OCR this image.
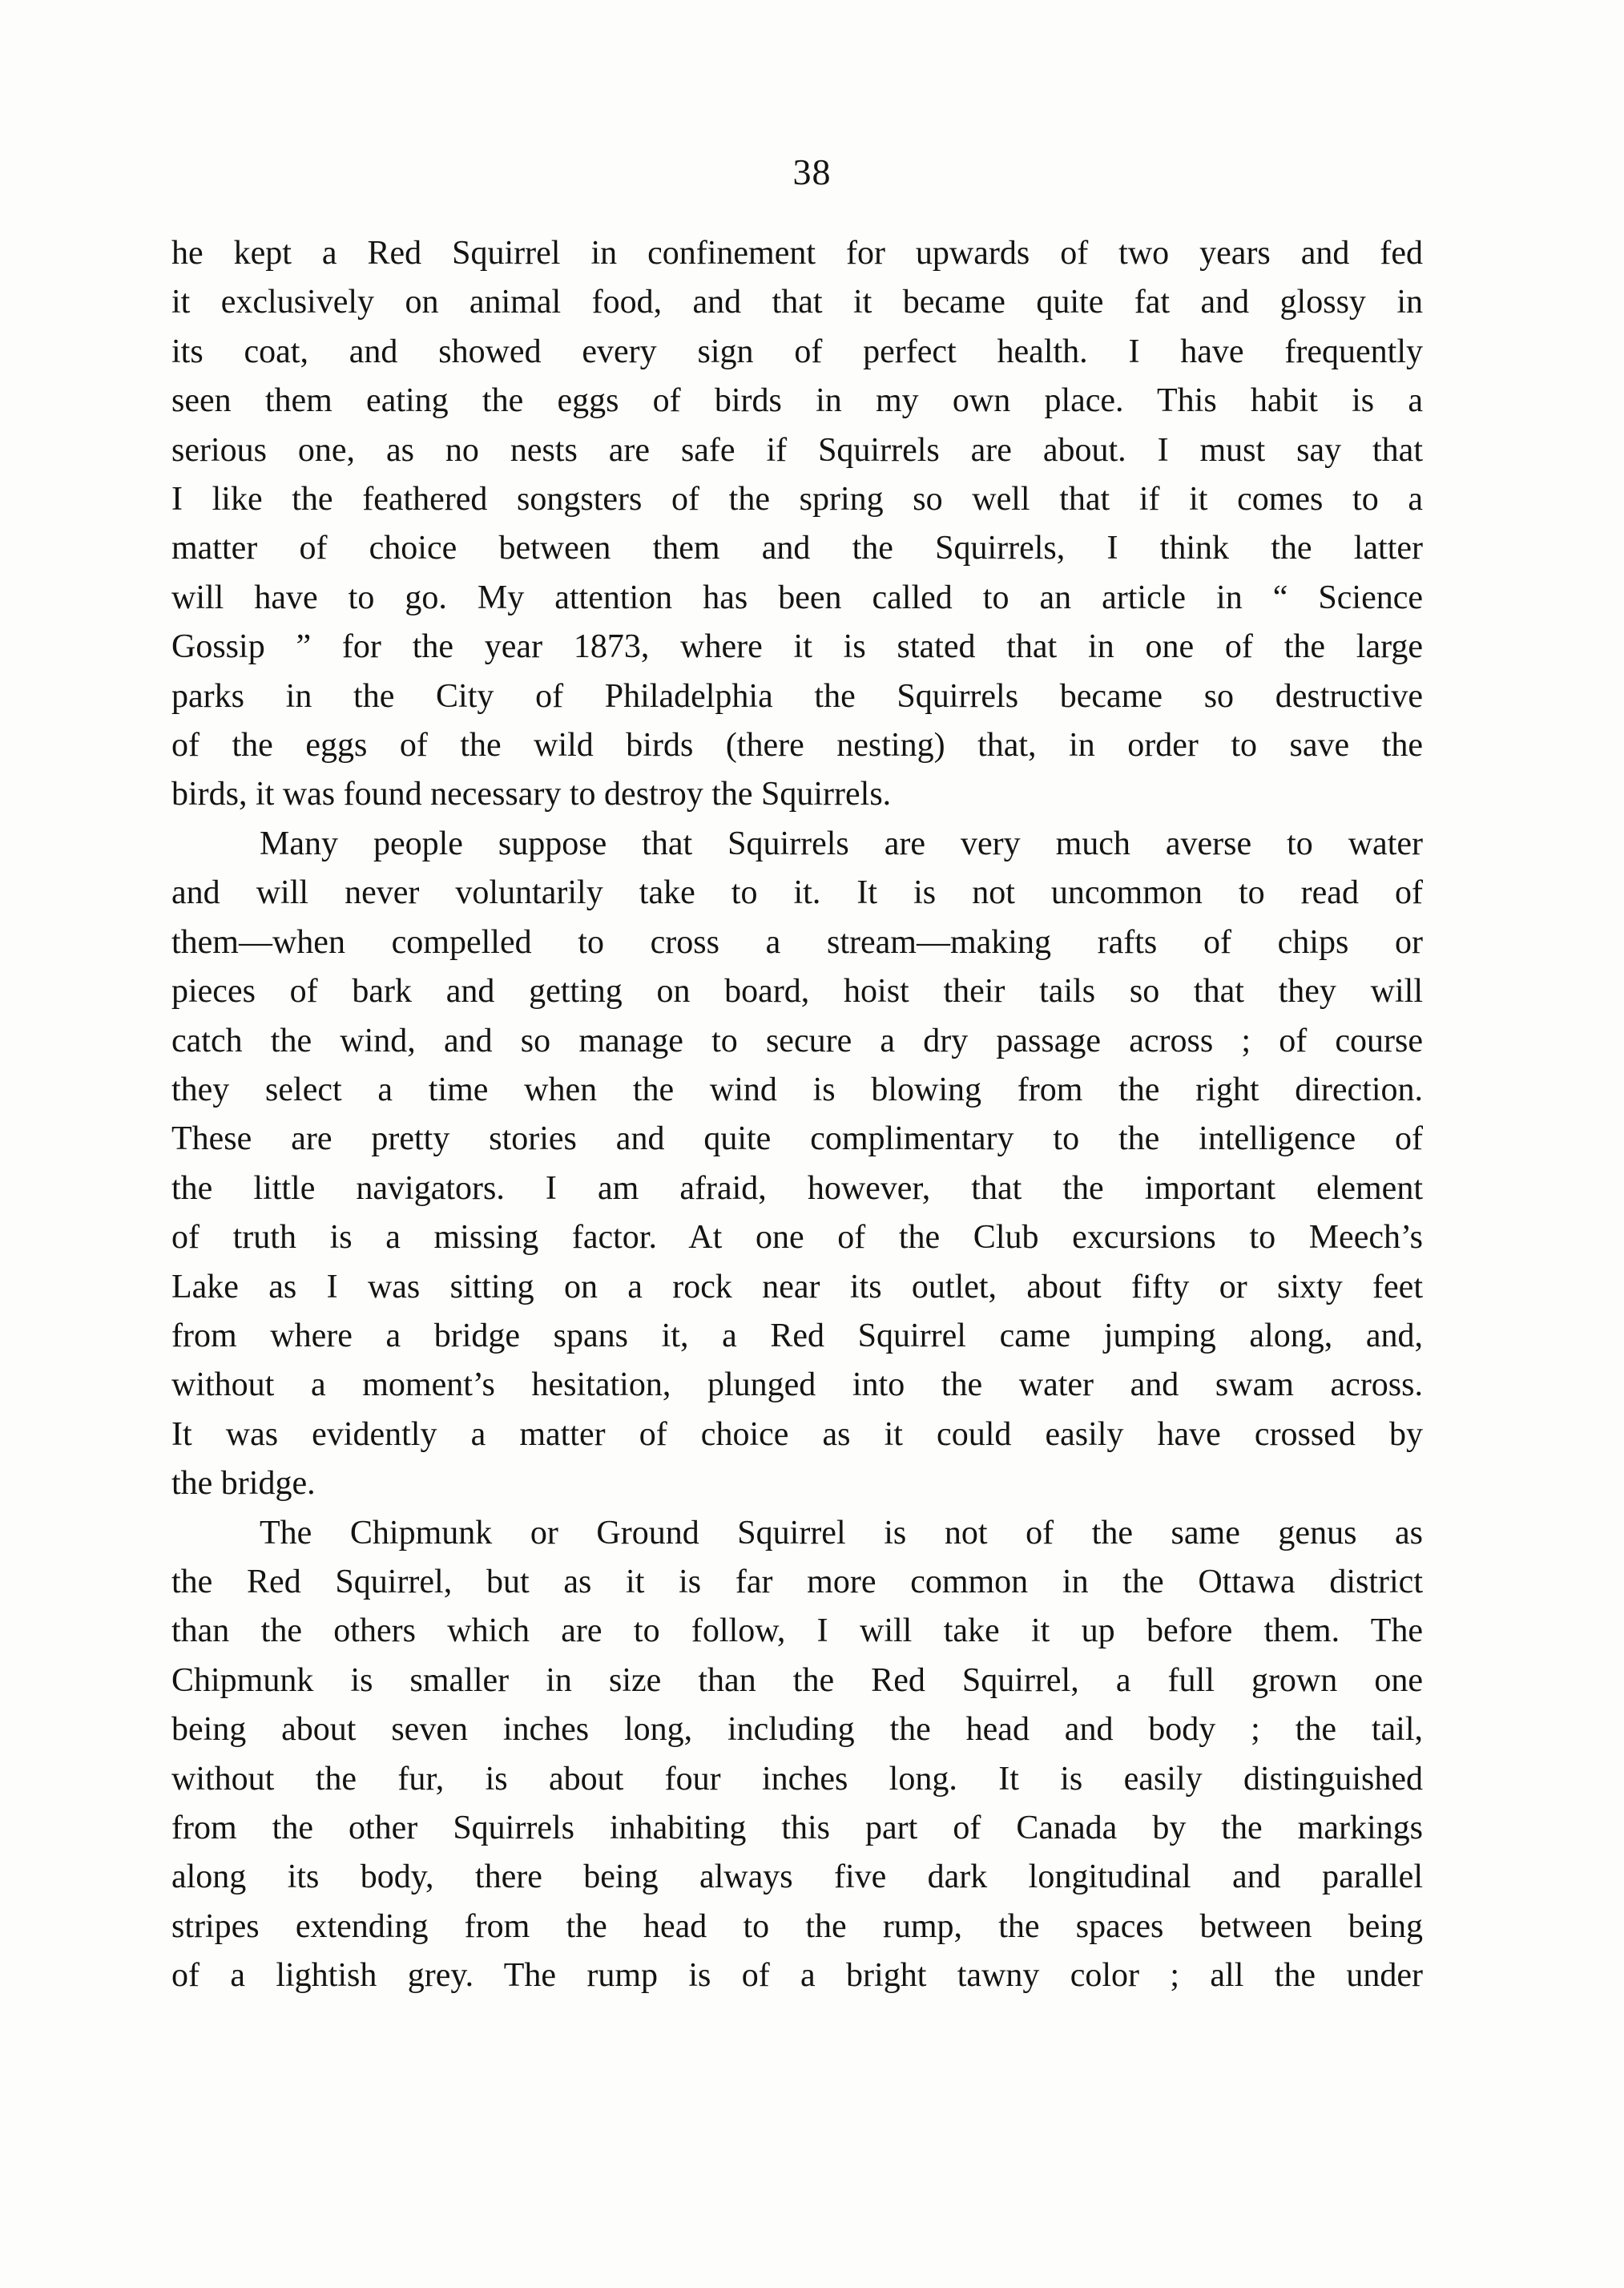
38

he kept a Red Squirrel in confinement for upwards of two years and fed
it exclusively on animal food, and that it became quite fat and glossy in
its coat, and showed every sign of perfect health. I have frequently
seen them eating the eggs of birds in my own place. This habit is a
serious one, as no nests are safe if Squirrels are about. I must say that
I like the feathered songsters of the spring so well that if it comes to a
matter of choice between them and the Squirrels, I think the latter
will have to go. My attention has been called to an article in “ Science
Gossip ” for the year 1873, where it is stated that in one of the large
parks in the City of Philadelphia the Squirrels became so destructive
of the eggs of the wild birds (there nesting) that, in order to save the
birds, it was found necessary to destroy the Squirrels.

Many people suppose that Squirrels are very much averse to water
and will never voluntarily take to it. It is not uncommon to read of
them—when compelled to cross a stream—making rafts of chips or
pieces of bark and getting on board, hoist their tails so that they will
catch the wind, and so manage to secure a dry passage across ; of course
they select a time when the wind is blowing from the right direction.
These are pretty stories and quite complimentary to the intelligence of
the little navigators. I am afraid, however, that the important element
of truth is a missing factor. At one of the Club excursions to Meech’s
Lake as I was sitting on a rock near its outlet, about fifty or sixty feet
from where a bridge spans it, a Red Squirrel came jumping along, and,
without a moment’s hesitation, plunged into the water and swam across.
It was evidently a matter of choice as it could easily have crossed by
the bridge.

The Chipmunk or Ground Squirrel is not of the same genus as
the Red Squirrel, but as it is far more common in the Ottawa district
than the others which are to follow, I will take it up before them. The
Chipmunk is smaller in size than the Red Squirrel, a full grown one
being about seven inches long, including the head and body ; the tail,
without the fur, is about four inches long. It is easily distinguished
from the other Squirrels inhabiting this part of Canada by the markings
along its body, there being always five dark longitudinal and parallel
stripes extending from the head to the rump, the spaces between being
of a lightish grey. The rump is of a bright tawny color ; all the under
